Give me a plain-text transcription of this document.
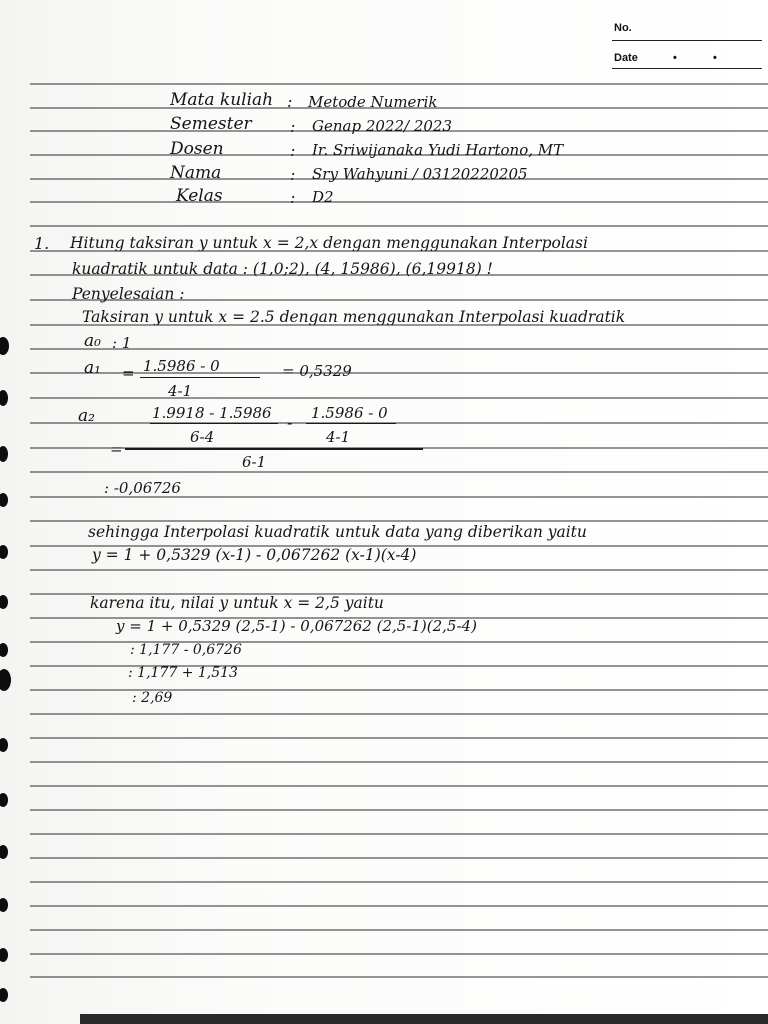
No.
Date	•	•
Mata kuliah : Metode Numerik
Semester : Genap 2022/ 2023
Dosen	: Ir. Sriwijanaka Yudi Hartono, MT
Nama	: Sry Wahyuni / 03120220205
Kelas	: D2
1. Hitung taksiran y untuk x = 2,x dengan menggunakan Interpolasi
kuadratik untuk data : (1,0;2), (4, 15986), (6,19918) !
Penyelesaian :
Taksiran y untuk x = 2.5 dengan menggunakan Interpolasi kuadratik
a₀ : 1
a₁ = 1.5986 - 0
4-1
= 0,5329
a₂	1.9918 - 1.5986
6-4
- 1.5986 - 0
4-1
=
6-1
: -0,06726
sehingga Interpolasi kuadratik untuk data yang diberikan yaitu
y = 1 + 0,5329 (x-1) - 0,067262 (x-1)(x-4)
karena itu, nilai y untuk x = 2,5 yaitu
y = 1 + 0,5329 (2,5-1) - 0,067262 (2,5-1)(2,5-4)
: 1,177 - 0,6726
: 1,177 + 1,513
: 2,69
